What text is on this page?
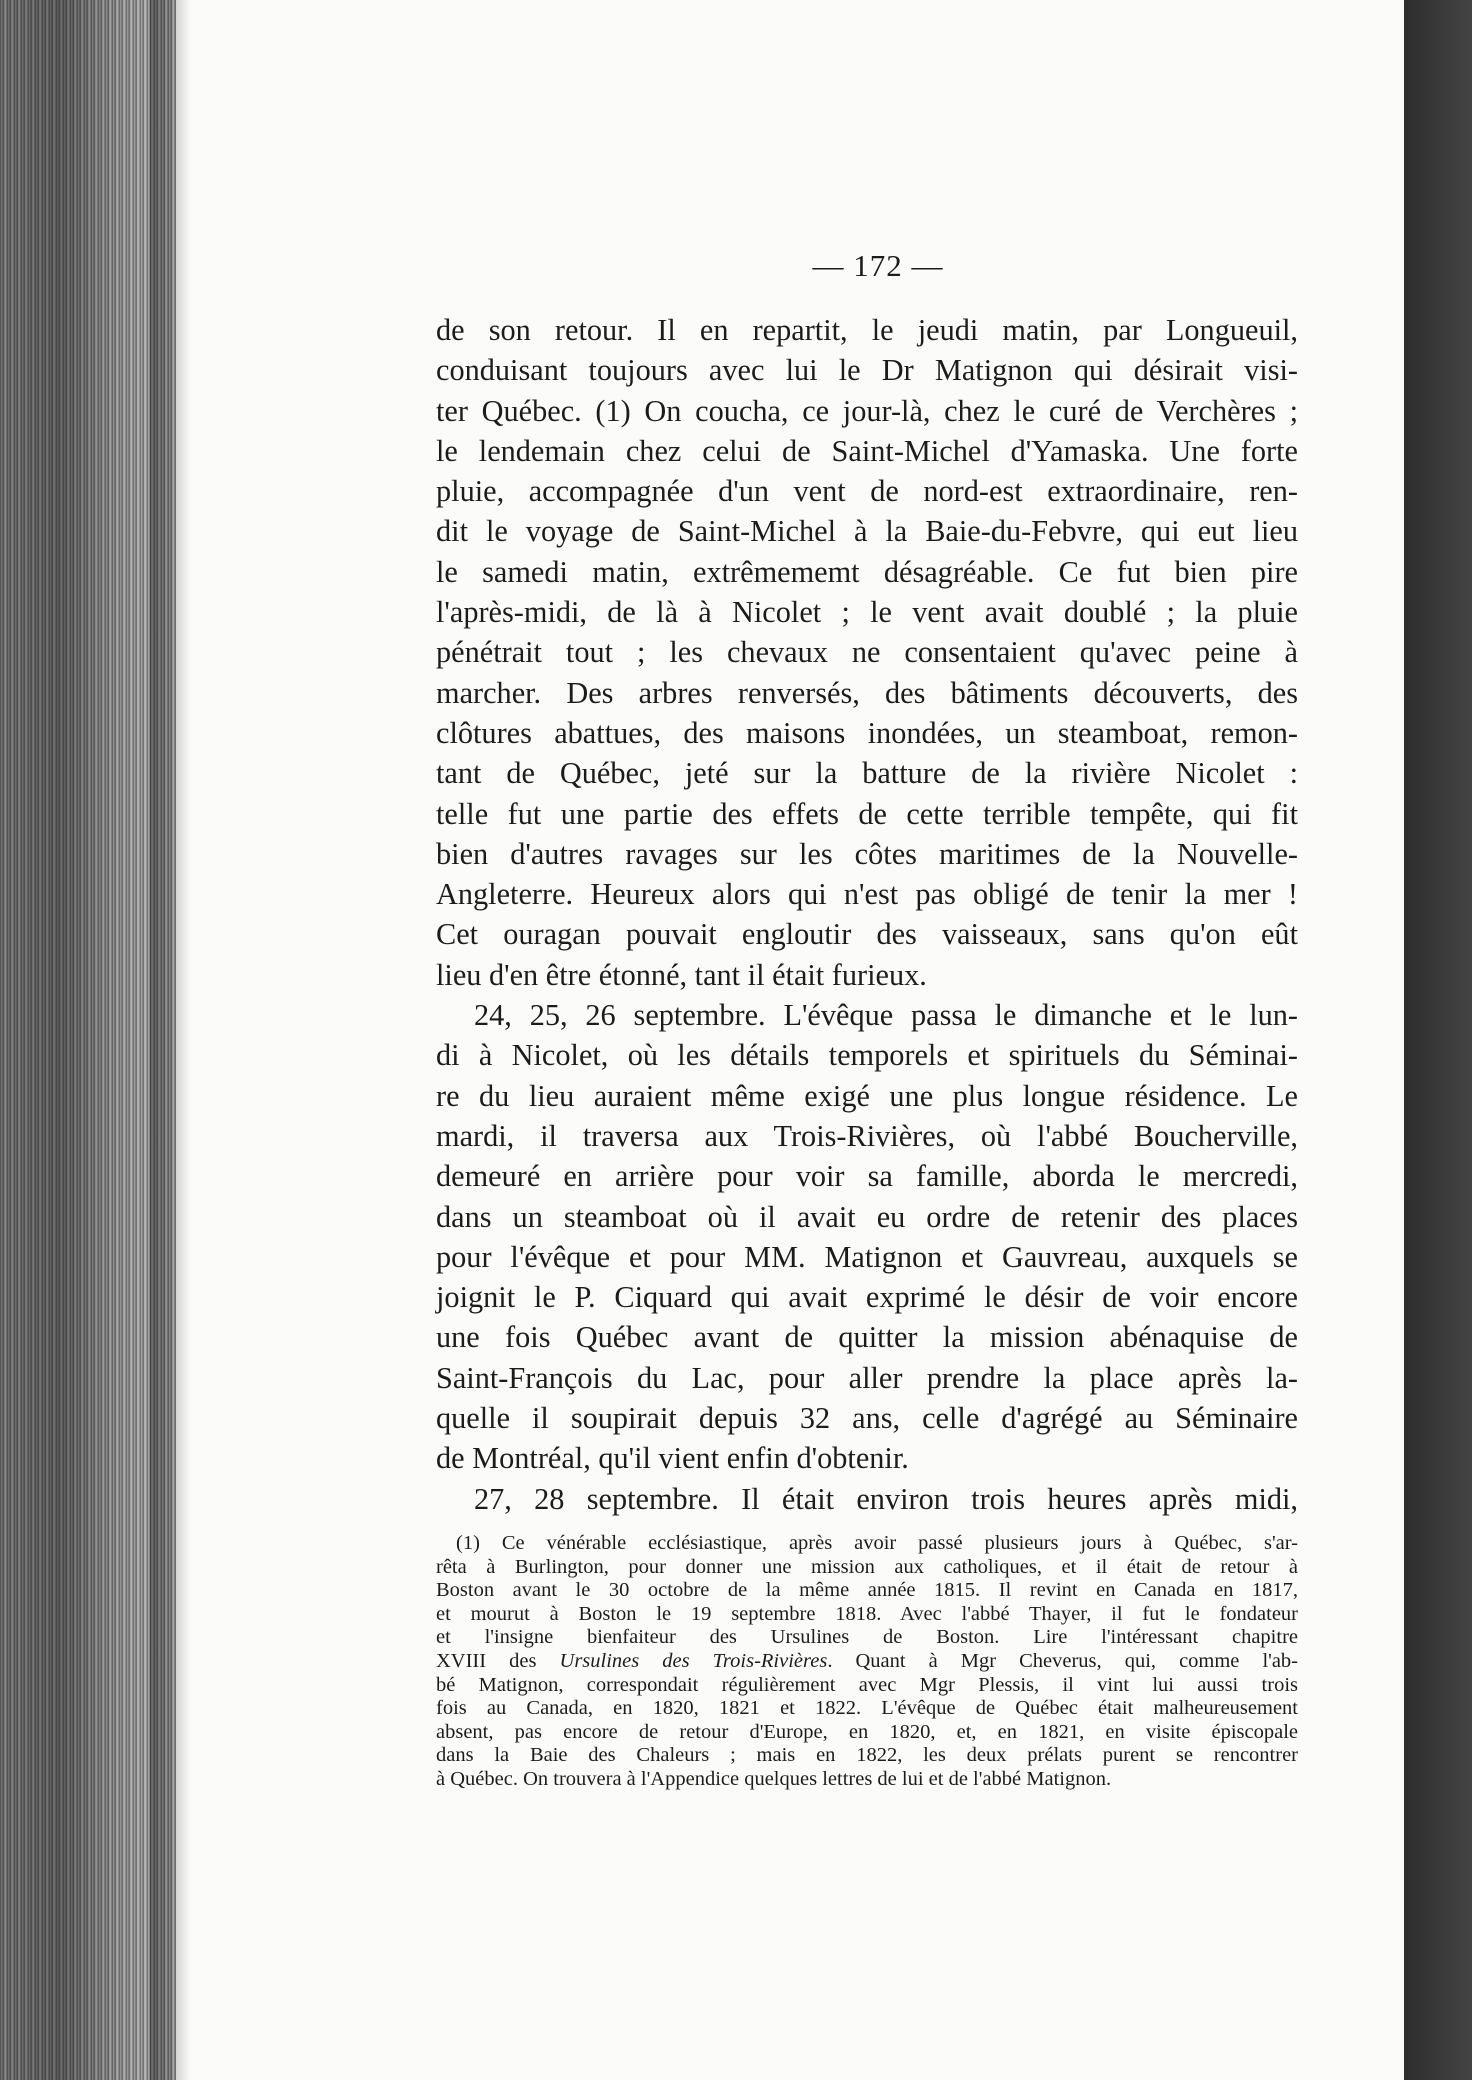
— 172 —
de son retour. Il en repartit, le jeudi matin, par Longueuil,
conduisant toujours avec lui le Dr Matignon qui désirait visi-
ter Québec. (1) On coucha, ce jour-là, chez le curé de Verchères ;
le lendemain chez celui de Saint-Michel d'Yamaska. Une forte
pluie, accompagnée d'un vent de nord-est extraordinaire, ren-
dit le voyage de Saint-Michel à la Baie-du-Febvre, qui eut lieu
le samedi matin, extrêmememt désagréable. Ce fut bien pire
l'après-midi, de là à Nicolet ; le vent avait doublé ; la pluie
pénétrait tout ; les chevaux ne consentaient qu'avec peine à
marcher. Des arbres renversés, des bâtiments découverts, des
clôtures abattues, des maisons inondées, un steamboat, remon-
tant de Québec, jeté sur la batture de la rivière Nicolet :
telle fut une partie des effets de cette terrible tempête, qui fit
bien d'autres ravages sur les côtes maritimes de la Nouvelle-
Angleterre. Heureux alors qui n'est pas obligé de tenir la mer !
Cet ouragan pouvait engloutir des vaisseaux, sans qu'on eût
lieu d'en être étonné, tant il était furieux.
24, 25, 26 septembre. L'évêque passa le dimanche et le lun-
di à Nicolet, où les détails temporels et spirituels du Séminai-
re du lieu auraient même exigé une plus longue résidence. Le
mardi, il traversa aux Trois-Rivières, où l'abbé Boucherville,
demeuré en arrière pour voir sa famille, aborda le mercredi,
dans un steamboat où il avait eu ordre de retenir des places
pour l'évêque et pour MM. Matignon et Gauvreau, auxquels se
joignit le P. Ciquard qui avait exprimé le désir de voir encore
une fois Québec avant de quitter la mission abénaquise de
Saint-François du Lac, pour aller prendre la place après la-
quelle il soupirait depuis 32 ans, celle d'agrégé au Séminaire
de Montréal, qu'il vient enfin d'obtenir.
27, 28 septembre. Il était environ trois heures après midi,
(1) Ce vénérable ecclésiastique, après avoir passé plusieurs jours à Québec, s'ar-
rêta à Burlington, pour donner une mission aux catholiques, et il était de retour à
Boston avant le 30 octobre de la même année 1815. Il revint en Canada en 1817,
et mourut à Boston le 19 septembre 1818. Avec l'abbé Thayer, il fut le fondateur
et l'insigne bienfaiteur des Ursulines de Boston. Lire l'intéressant chapitre
XVIII des Ursulines des Trois-Rivières. Quant à Mgr Cheverus, qui, comme l'ab-
bé Matignon, correspondait régulièrement avec Mgr Plessis, il vint lui aussi trois
fois au Canada, en 1820, 1821 et 1822. L'évêque de Québec était malheureusement
absent, pas encore de retour d'Europe, en 1820, et, en 1821, en visite épiscopale
dans la Baie des Chaleurs ; mais en 1822, les deux prélats purent se rencontrer
à Québec. On trouvera à l'Appendice quelques lettres de lui et de l'abbé Matignon.
